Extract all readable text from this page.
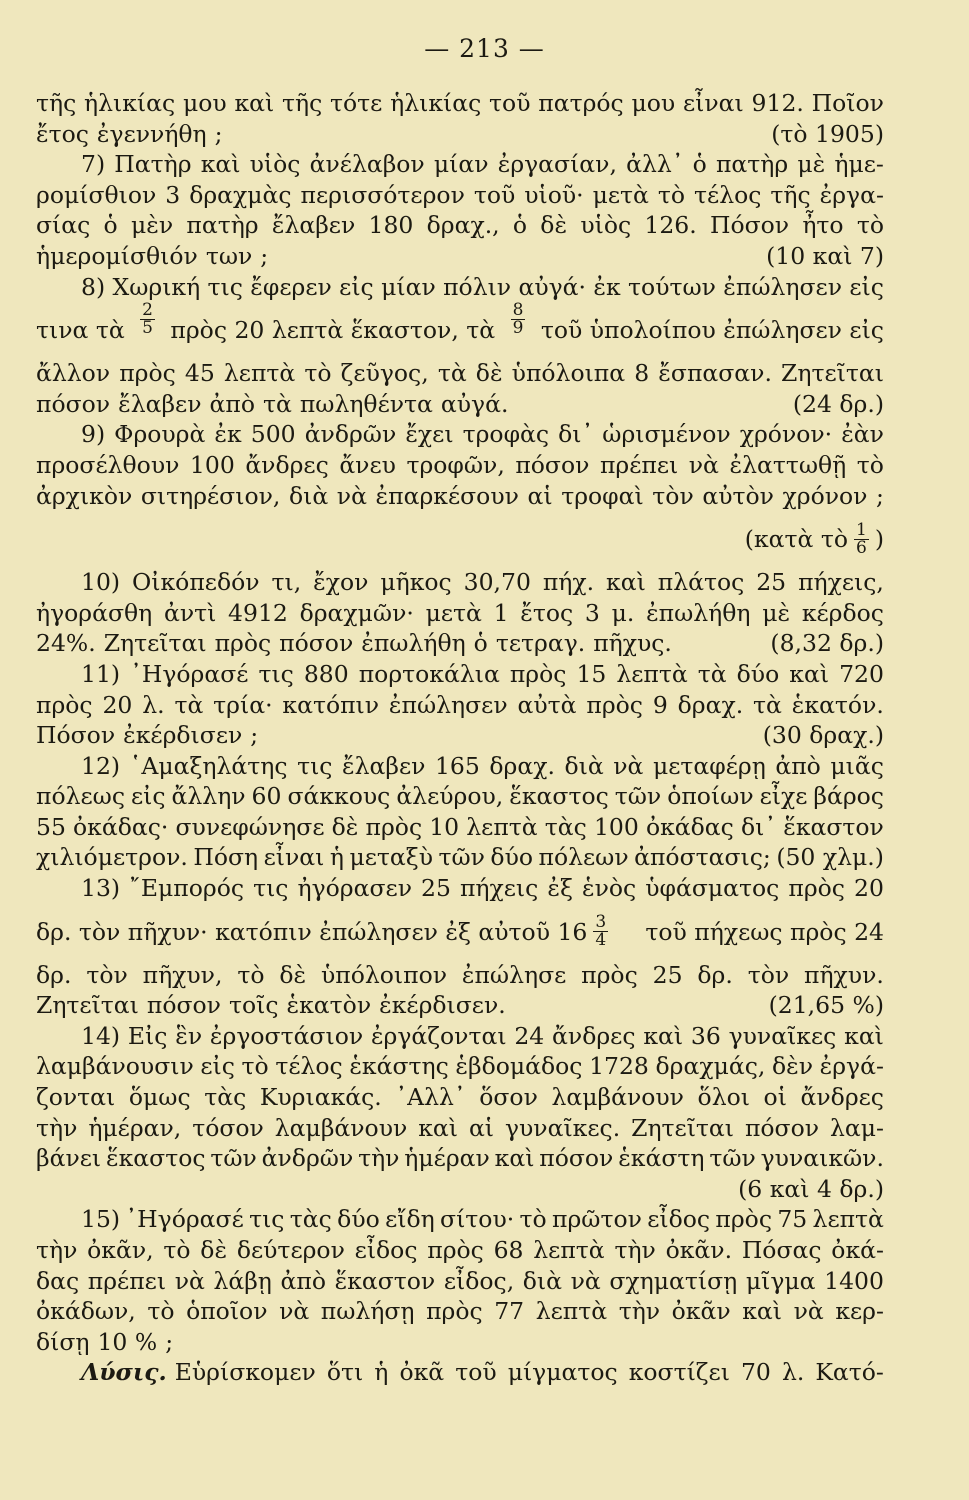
— 213 —
τῆς ἡλικίας μου καὶ τῆς τότε ἡλικίας τοῦ πατρός μου εἶναι 912. Ποῖον
ἔτος ἐγεννήθη ;	(τὸ 1905)
7) Πατὴρ καὶ υἱὸς ἀνέλαβον μίαν ἐργασίαν, ἀλλ᾿ ὁ πατὴρ μὲ ἡμε-
ρομίσθιον 3 δραχμὰς περισσότερον τοῦ υἱοῦ· μετὰ τὸ τέλος τῆς ἐργα-
σίας ὁ μὲν πατὴρ ἔλαβεν 180 δραχ., ὁ δὲ υἱὸς 126. Πόσον ἦτο τὸ
ἡμερομίσθιόν των ;	(10 καὶ 7)
8) Χωρική τις ἔφερεν εἰς μίαν πόλιν αὐγά· ἐκ τούτων ἐπώλησεν εἰς
τινα τὰ $\frac{2}{5}$ πρὸς 20 λεπτὰ ἕκαστον, τὰ $\frac{8}{9}$ τοῦ ὑπολοίπου ἐπώλησεν εἰς
ἄλλον πρὸς 45 λεπτὰ τὸ ζεῦγος, τὰ δὲ ὑπόλοιπα 8 ἔσπασαν. Ζητεῖται
πόσον ἔλαβεν ἀπὸ τὰ πωληθέντα αὐγά.	(24 δρ.)
9) Φρουρὰ ἐκ 500 ἀνδρῶν ἔχει τροφὰς δι᾿ ὡρισμένον χρόνον· ἐὰν
προσέλθουν 100 ἄνδρες ἄνευ τροφῶν, πόσον πρέπει νὰ ἐλαττωθῇ τὸ
ἀρχικὸν σιτηρέσιον, διὰ νὰ ἐπαρκέσουν αἱ τροφαὶ τὸν αὐτὸν χρόνον ;
(κατὰ τὸ $\frac{1}{6}$ )
10) Οἰκόπεδόν τι, ἔχον μῆκος 30,70 πήχ. καὶ πλάτος 25 πήχεις,
ἠγοράσθη ἀντὶ 4912 δραχμῶν· μετὰ 1 ἔτος 3 μ. ἐπωλήθη μὲ κέρδος
24%. Ζητεῖται πρὸς πόσον ἐπωλήθη ὁ τετραγ. πῆχυς.	(8,32 δρ.)
11) ᾿Ηγόρασέ τις 880 πορτοκάλια πρὸς 15 λεπτὰ τὰ δύο καὶ 720
πρὸς 20 λ. τὰ τρία· κατόπιν ἐπώλησεν αὐτὰ πρὸς 9 δραχ. τὰ ἑκατόν.
Πόσον ἐκέρδισεν ;	(30 δραχ.)
12) ῾Αμαξηλάτης τις ἔλαβεν 165 δραχ. διὰ νὰ μεταφέρῃ ἀπὸ μιᾶς
πόλεως εἰς ἄλλην 60 σάκκους ἀλεύρου, ἕκαστος τῶν ὁποίων εἶχε βάρος
55 ὀκάδας· συνεφώνησε δὲ πρὸς 10 λεπτὰ τὰς 100 ὀκάδας δι᾿ ἕκαστον
χιλιόμετρον. Πόση εἶναι ἡ μεταξὺ τῶν δύο πόλεων ἀπόστασις; (50 χλμ.)
13) ῎Εμπορός τις ἠγόρασεν 25 πήχεις ἐξ ἑνὸς ὑφάσματος πρὸς 20
δρ. τὸν πῆχυν· κατόπιν ἐπώλησεν ἐξ αὐτοῦ $16 \frac{3}{4}$ τοῦ πήχεως πρὸς 24
δρ. τὸν πῆχυν, τὸ δὲ ὑπόλοιπον ἐπώλησε πρὸς 25 δρ. τὸν πῆχυν.
Ζητεῖται πόσον τοῖς ἑκατὸν ἐκέρδισεν.	(21,65 %)
14) Εἰς ἓν ἐργοστάσιον ἐργάζονται 24 ἄνδρες καὶ 36 γυναῖκες καὶ
λαμβάνουσιν εἰς τὸ τέλος ἑκάστης ἑβδομάδος 1728 δραχμάς, δὲν ἐργά-
ζονται ὅμως τὰς Κυριακάς. ᾿Αλλ᾿ ὅσον λαμβάνουν ὅλοι οἱ ἄνδρες
τὴν ἡμέραν, τόσον λαμβάνουν καὶ αἱ γυναῖκες. Ζητεῖται πόσον λαμ-
βάνει ἕκαστος τῶν ἀνδρῶν τὴν ἡμέραν καὶ πόσον ἑκάστη τῶν γυναικῶν.
(6 καὶ 4 δρ.)
15) ᾿Ηγόρασέ τις τὰς δύο εἴδη σίτου· τὸ πρῶτον εἶδος πρὸς 75 λεπτὰ
τὴν ὀκᾶν, τὸ δὲ δεύτερον εἶδος πρὸς 68 λεπτὰ τὴν ὀκᾶν. Πόσας ὀκά-
δας πρέπει νὰ λάβῃ ἀπὸ ἕκαστον εἶδος, διὰ νὰ σχηματίσῃ μῖγμα 1400
ὀκάδων, τὸ ὁποῖον νὰ πωλήσῃ πρὸς 77 λεπτὰ τὴν ὀκᾶν καὶ νὰ κερ-
δίσῃ 10 % ;
Λύσις. Εὑρίσκομεν ὅτι ἡ ὀκᾶ τοῦ μίγματος κοστίζει 70 λ. Κατό-
